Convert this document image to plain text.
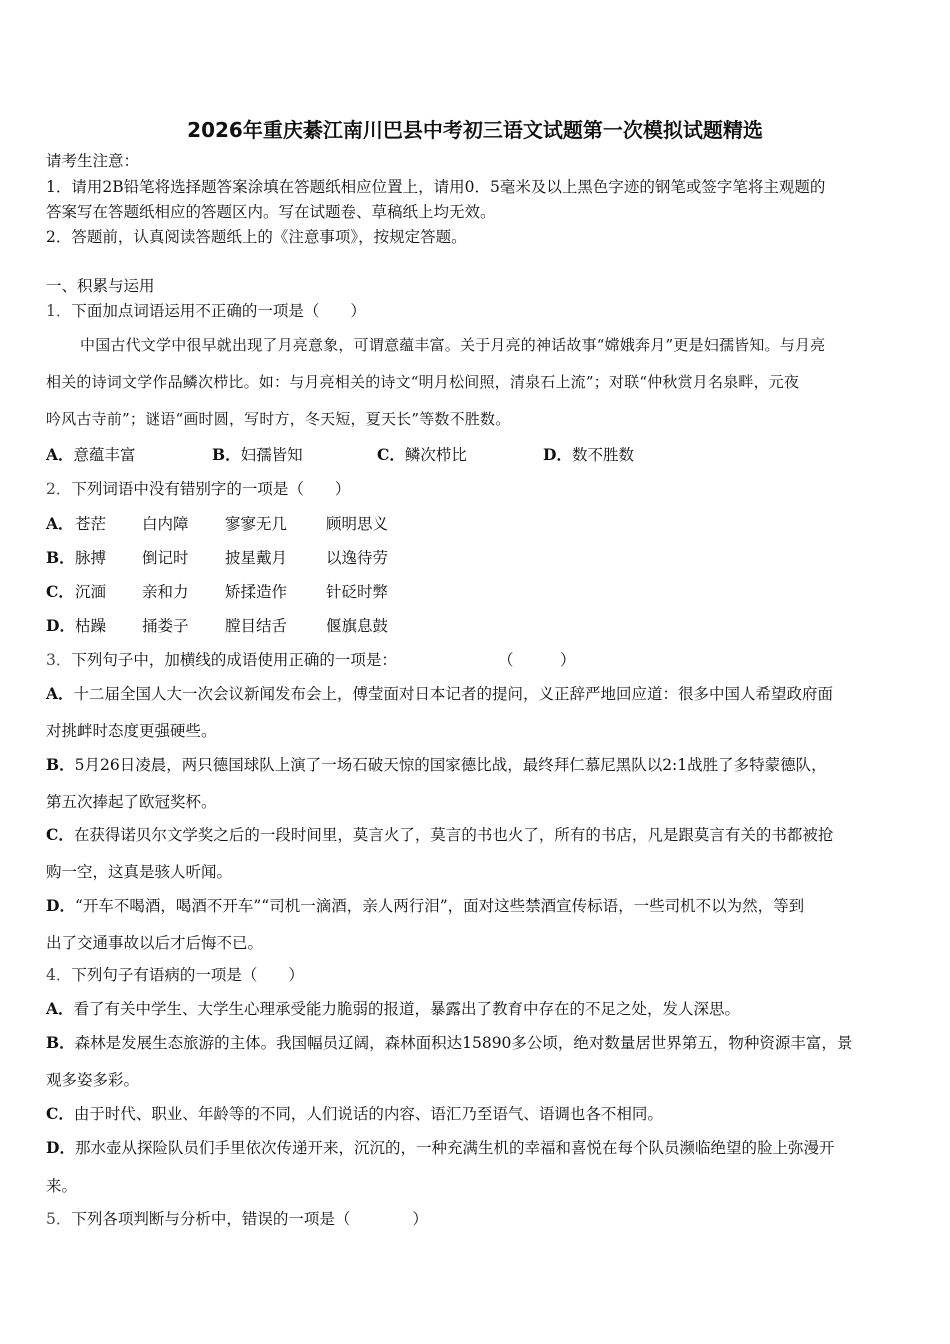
2026年重庆綦江南川巴县中考初三语文试题第一次模拟试题精选
请考生注意：
1．请用2B铅笔将选择题答案涂填在答题纸相应位置上，请用0．5毫米及以上黑色字迹的钢笔或签字笔将主观题的
答案写在答题纸相应的答题区内。写在试题卷、草稿纸上均无效。
2．答题前，认真阅读答题纸上的《注意事项》，按规定答题。
一、积累与运用
1．下面加点词语运用不正确的一项是（　　）
中国古代文学中很早就出现了月亮意象，可谓意蕴丰富。关于月亮的神话故事“嫦娥奔月”更是妇孺皆知。与月亮
相关的诗词文学作品鳞次栉比。如：与月亮相关的诗文“明月松间照，清泉石上流”；对联“仲秋赏月名泉畔，元夜
吟风古寺前”；谜语“画时圆，写时方，冬天短，夏天长”等数不胜数。
A．意蕴丰富	B．妇孺皆知	C．鳞次栉比	D．数不胜数
2．下列词语中没有错别字的一项是（　　）
A． 苍茫 白内障 寥寥无几	顾明思义
B． 脉搏 倒记时 披星戴月	以逸待劳
C． 沉湎 亲和力 矫揉造作	针砭时弊
D． 枯躁 捅娄子 膛目结舌	偃旗息鼓
3．下列句子中，加横线的成语使用正确的一项是：	（　　　）
A．十二届全国人大一次会议新闻发布会上，傅莹面对日本记者的提问，义正辞严地回应道：很多中国人希望政府面
对挑衅时态度更强硬些。
B．5月26日凌晨，两只德国球队上演了一场石破天惊的国家德比战，最终拜仁慕尼黑队以2:1战胜了多特蒙德队，
第五次捧起了欧冠奖杯。
C．在获得诺贝尔文学奖之后的一段时间里，莫言火了，莫言的书也火了，所有的书店，凡是跟莫言有关的书都被抢
购一空，这真是骇人听闻。
D．“开车不喝酒，喝酒不开车”“司机一滴酒，亲人两行泪”，面对这些禁酒宣传标语，一些司机不以为然，等到
出了交通事故以后才后悔不已。
4．下列句子有语病的一项是（　　）
A．看了有关中学生、大学生心理承受能力脆弱的报道，暴露出了教育中存在的不足之处，发人深思。
B．森林是发展生态旅游的主体。我国幅员辽阔，森林面积达15890多公顷，绝对数量居世界第五，物种资源丰富，景
观多姿多彩。
C．由于时代、职业、年龄等的不同，人们说话的内容、语汇乃至语气、语调也各不相同。
D．那水壶从探险队员们手里依次传递开来，沉沉的，一种充满生机的幸福和喜悦在每个队员濒临绝望的脸上弥漫开
来。
5．下列各项判断与分析中，错误的一项是（　　　　）
